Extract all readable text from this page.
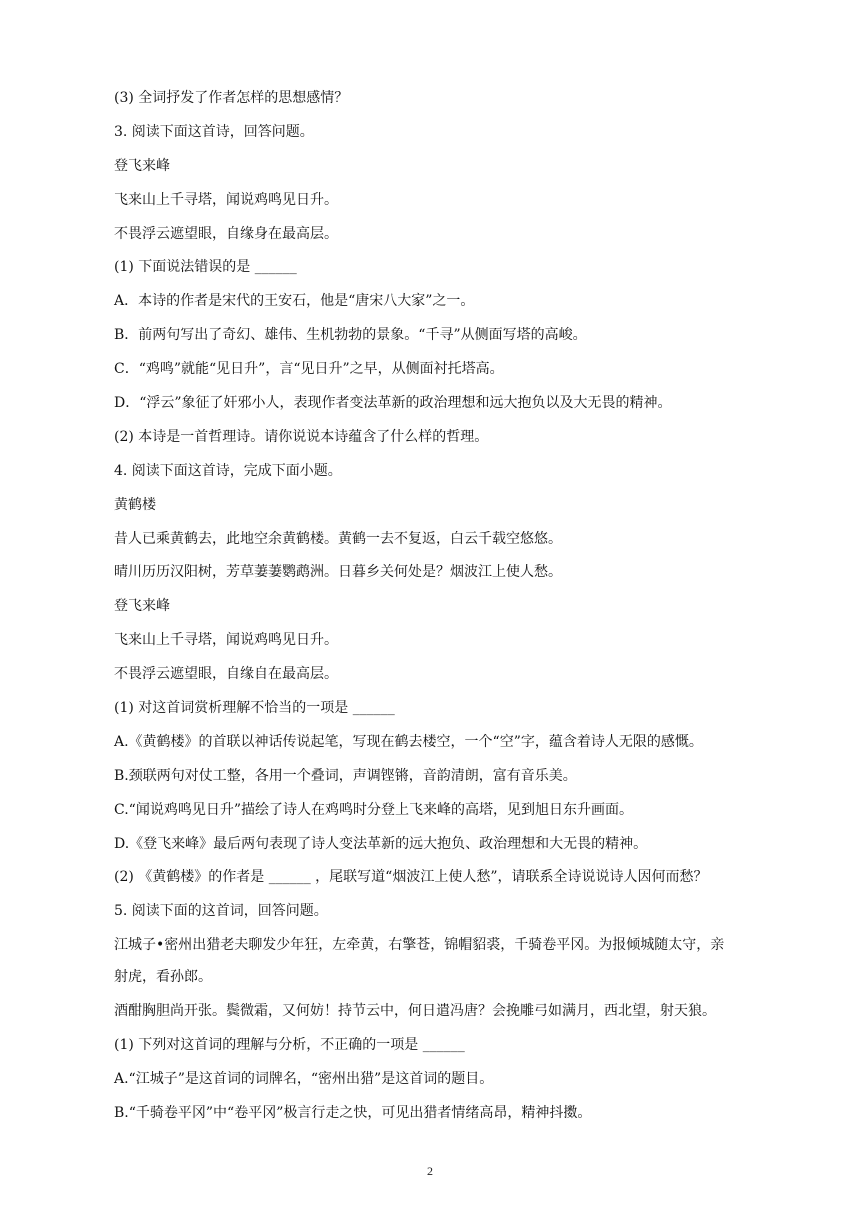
(3) 全词抒发了作者怎样的思想感情？
3. 阅读下面这首诗，回答问题。
登飞来峰
飞来山上千寻塔，闻说鸡鸣见日升。
不畏浮云遮望眼，自缘身在最高层。
(1) 下面说法错误的是 ______
A．本诗的作者是宋代的王安石，他是“唐宋八大家”之一。
B．前两句写出了奇幻、雄伟、生机勃勃的景象。“千寻”从侧面写塔的高峻。
C．“鸡鸣”就能“见日升”，言“见日升”之早，从侧面衬托塔高。
D．“浮云”象征了奸邪小人，表现作者变法革新的政治理想和远大抱负以及大无畏的精神。
(2) 本诗是一首哲理诗。请你说说本诗蕴含了什么样的哲理。
4. 阅读下面这首诗，完成下面小题。
黄鹤楼
昔人已乘黄鹤去，此地空余黄鹤楼。黄鹤一去不复返，白云千载空悠悠。
晴川历历汉阳树，芳草萋萋鹦鹉洲。日暮乡关何处是？烟波江上使人愁。
登飞来峰
飞来山上千寻塔，闻说鸡鸣见日升。
不畏浮云遮望眼，自缘自在最高层。
(1) 对这首词赏析理解不恰当的一项是 ______
A.《黄鹤楼》的首联以神话传说起笔，写现在鹤去楼空，一个“空”字，蕴含着诗人无限的感慨。
B.颈联两句对仗工整，各用一个叠词，声调铿锵，音韵清朗，富有音乐美。
C.“闻说鸡鸣见日升”描绘了诗人在鸡鸣时分登上飞来峰的高塔，见到旭日东升画面。
D.《登飞来峰》最后两句表现了诗人变法革新的远大抱负、政治理想和大无畏的精神。
(2) 《黄鹤楼》的作者是 ______ ，尾联写道“烟波江上使人愁”，请联系全诗说说诗人因何而愁？
5. 阅读下面的这首词，回答问题。
江城子•密州出猎老夫聊发少年狂，左牵黄，右擎苍，锦帽貂裘，千骑卷平冈。为报倾城随太守，亲
射虎，看孙郎。
酒酣胸胆尚开张。鬓微霜，又何妨！持节云中，何日遣冯唐？会挽雕弓如满月，西北望，射天狼。
(1) 下列对这首词的理解与分析，不正确的一项是 ______
A.“江城子”是这首词的词牌名，“密州出猎”是这首词的题目。
B.“千骑卷平冈”中“卷平冈”极言行走之快，可见出猎者情绪高昂，精神抖擞。
2
